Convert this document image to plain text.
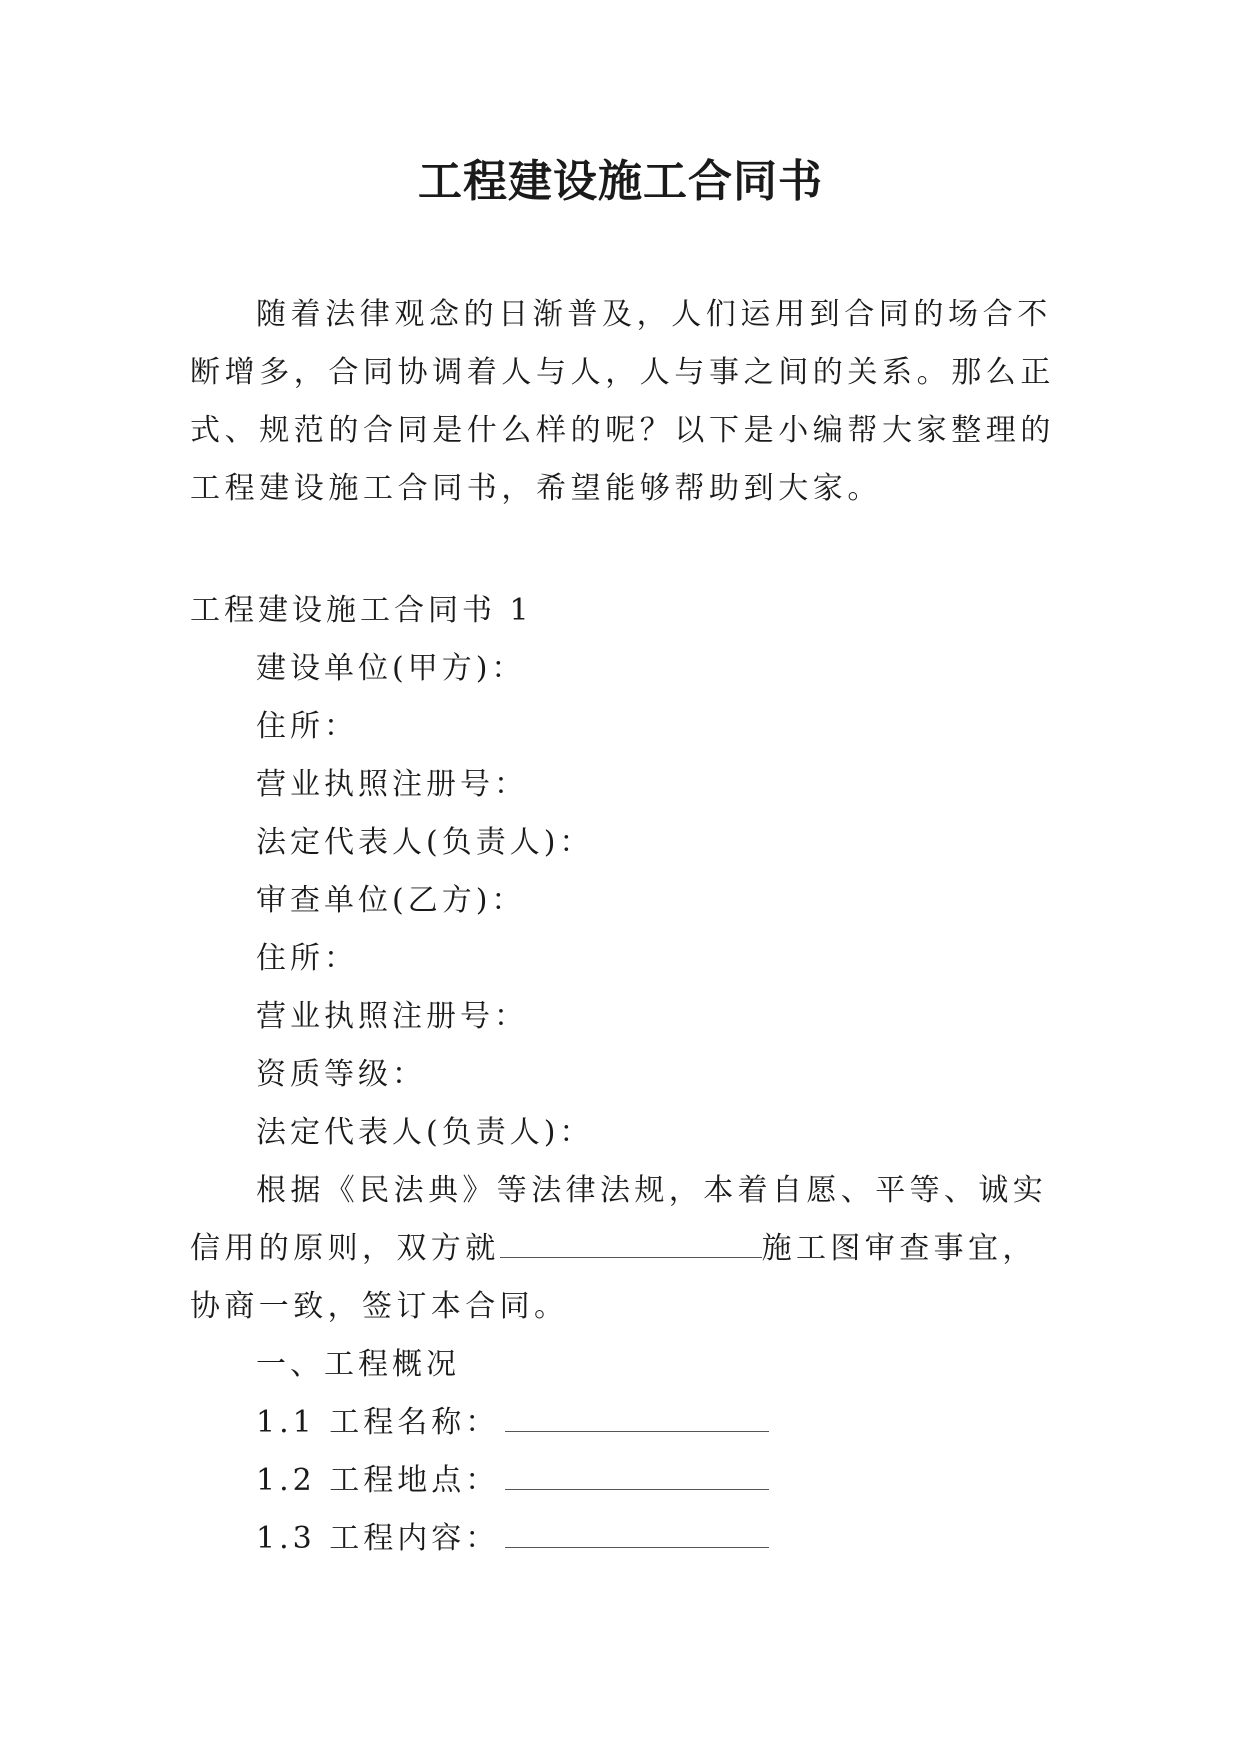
工程建设施工合同书

随着法律观念的日渐普及，人们运用到合同的场合不断增多，合同协调着人与人，人与事之间的关系。那么正式、规范的合同是什么样的呢？以下是小编帮大家整理的工程建设施工合同书，希望能够帮助到大家。

工程建设施工合同书 1
建设单位(甲方)：
住所：
营业执照注册号：
法定代表人(负责人)：
审查单位(乙方)：
住所：
营业执照注册号：
资质等级：
法定代表人(负责人)：
根据《民法典》等法律法规，本着自愿、平等、诚实信用的原则，双方就	施工图审查事宜，协商一致，签订本合同。
一、工程概况
1.1 工程名称：
1.2 工程地点：
1.3 工程内容：
